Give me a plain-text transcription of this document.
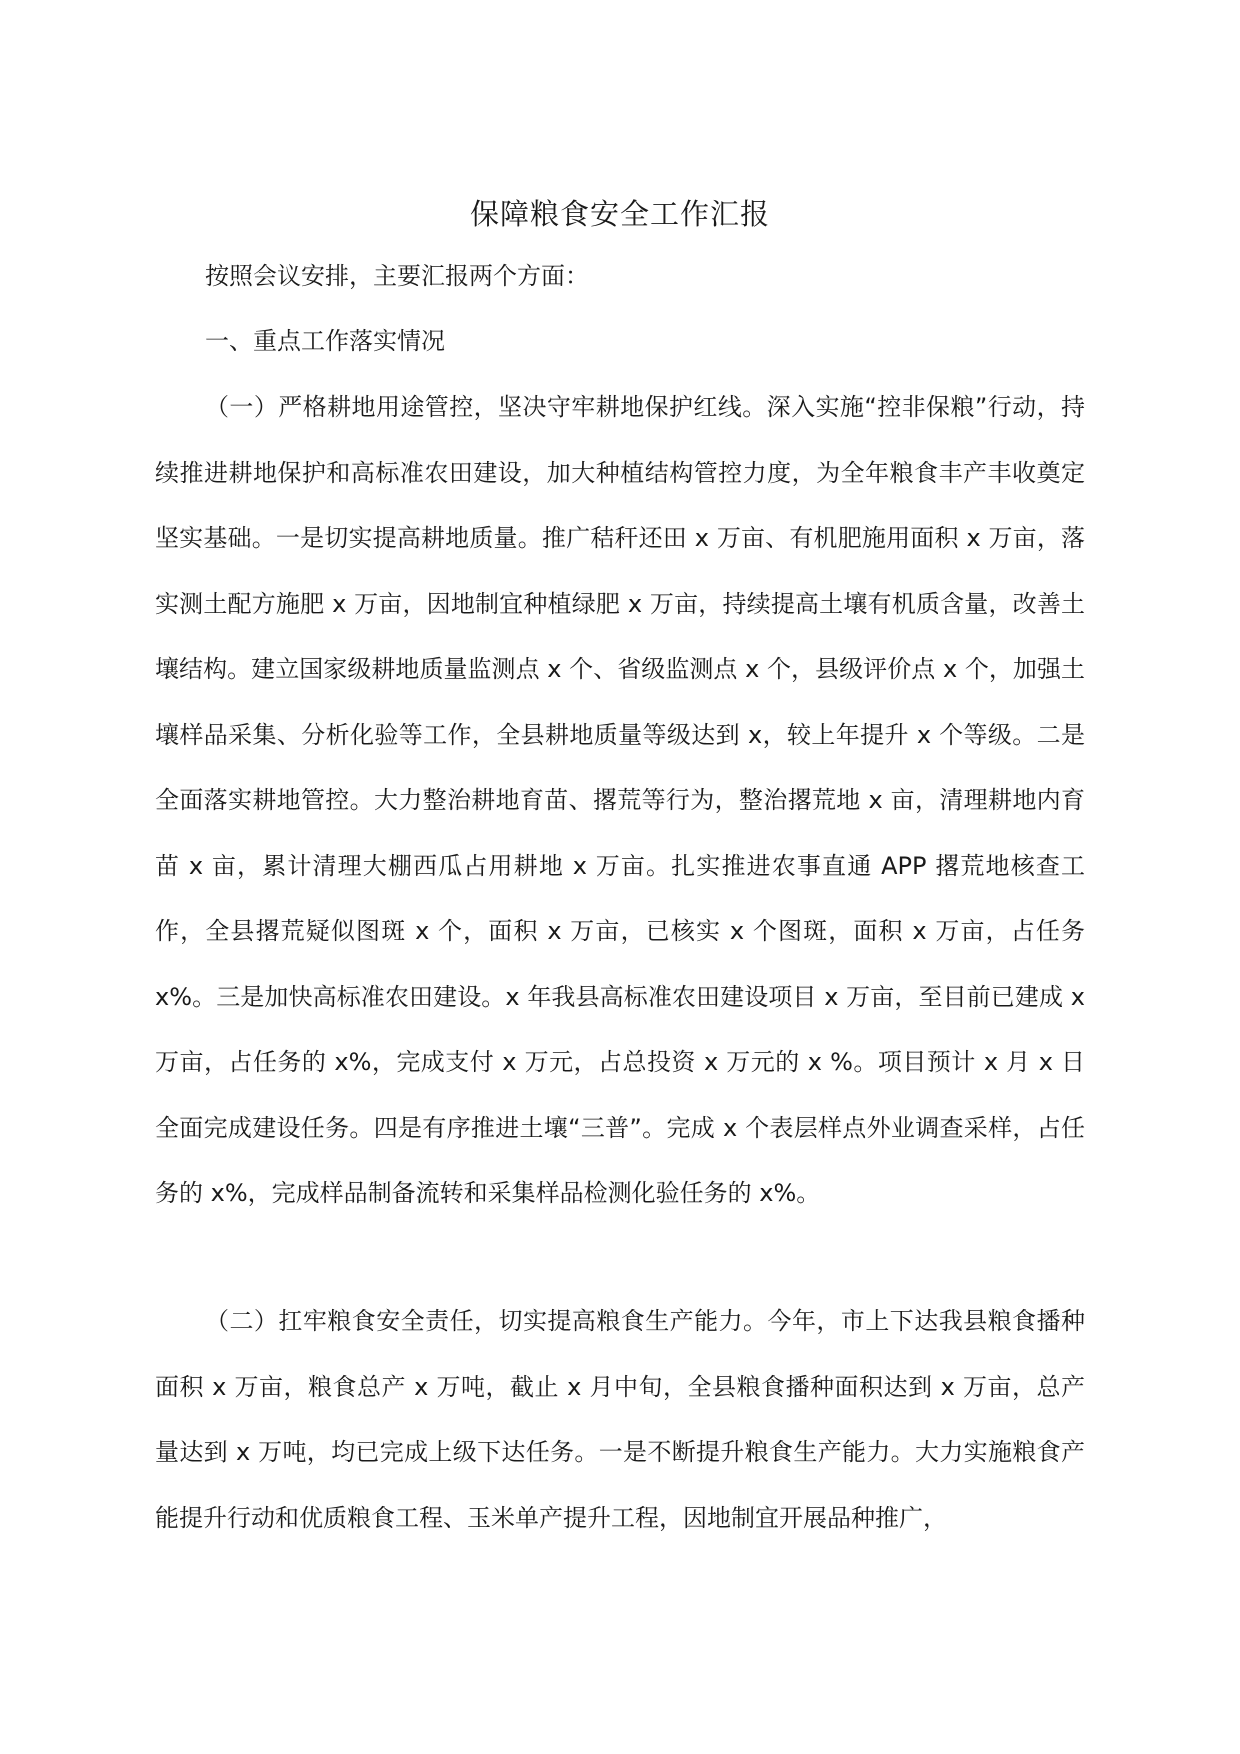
保障粮食安全工作汇报
按照会议安排，主要汇报两个方面：
一、重点工作落实情况
（一）严格耕地用途管控，坚决守牢耕地保护红线。深入实施“控非保粮”行动，持续推进耕地保护和高标准农田建设，加大种植结构管控力度，为全年粮食丰产丰收奠定坚实基础。一是切实提高耕地质量。推广秸秆还田 x 万亩、有机肥施用面积 x 万亩，落实测土配方施肥 x 万亩，因地制宜种植绿肥 x 万亩，持续提高土壤有机质含量，改善土壤结构。建立国家级耕地质量监测点 x 个、省级监测点 x 个，县级评价点 x 个，加强土壤样品采集、分析化验等工作，全县耕地质量等级达到 x，较上年提升 x 个等级。二是全面落实耕地管控。大力整治耕地育苗、撂荒等行为，整治撂荒地 x 亩，清理耕地内育苗 x 亩，累计清理大棚西瓜占用耕地 x 万亩。扎实推进农事直通 APP 撂荒地核查工作，全县撂荒疑似图斑 x 个，面积 x 万亩，已核实 x 个图斑，面积 x 万亩，占任务 x%。三是加快高标准农田建设。x 年我县高标准农田建设项目 x 万亩，至目前已建成 x 万亩，占任务的 x%，完成支付 x 万元，占总投资 x 万元的 x %。项目预计 x 月 x 日全面完成建设任务。四是有序推进土壤“三普”。完成 x 个表层样点外业调查采样，占任务的 x%，完成样品制备流转和采集样品检测化验任务的 x%。
（二）扛牢粮食安全责任，切实提高粮食生产能力。今年，市上下达我县粮食播种面积 x 万亩，粮食总产 x 万吨，截止 x 月中旬，全县粮食播种面积达到 x 万亩，总产量达到 x 万吨，均已完成上级下达任务。一是不断提升粮食生产能力。大力实施粮食产能提升行动和优质粮食工程、玉米单产提升工程，因地制宜开展品种推广，
